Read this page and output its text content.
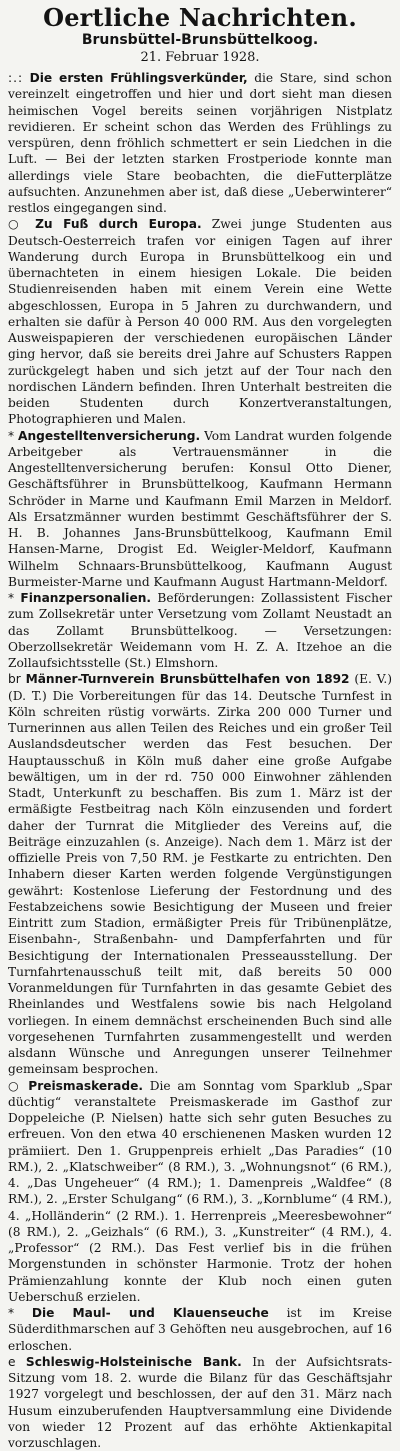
Oertliche Nachrichten.
Brunsbüttel-Brunsbüttelkoog.
21. Februar 1928.

:.: Die ersten Frühlingsverkünder, die Stare, sind schon vereinzelt eingetroffen und hier und dort sieht man diesen heimischen Vogel bereits seinen vorjährigen Nistplatz revidieren. Er scheint schon das Werden des Frühlings zu verspüren, denn fröhlich schmettert er sein Liedchen in die Luft. — Bei der letzten starken Frostperiode konnte man allerdings viele Stare beobachten, die dieFutterplätze aufsuchten. Anzunehmen aber ist, daß diese „Ueberwinterer“ restlos eingegangen sind.

○ Zu Fuß durch Europa. Zwei junge Studenten aus Deutsch-Oesterreich trafen vor einigen Tagen auf ihrer Wanderung durch Europa in Brunsbüttelkoog ein und übernachteten in einem hiesigen Lokale. Die beiden Studienreisenden haben mit einem Verein eine Wette abgeschlossen, Europa in 5 Jahren zu durchwandern, und erhalten sie dafür à Person 40 000 RM. Aus den vorgelegten Ausweispapieren der verschiedenen europäischen Länder ging hervor, daß sie bereits drei Jahre auf Schusters Rappen zurückgelegt haben und sich jetzt auf der Tour nach den nordischen Ländern befinden. Ihren Unterhalt bestreiten die beiden Studenten durch Konzertveranstaltungen, Photographieren und Malen.

* Angestelltenversicherung. Vom Landrat wurden folgende Arbeitgeber als Vertrauensmänner in die Angestelltenversicherung berufen: Konsul Otto Diener, Geschäftsführer in Brunsbüttelkoog, Kaufmann Hermann Schröder in Marne und Kaufmann Emil Marzen in Meldorf. Als Ersatzmänner wurden bestimmt Geschäftsführer der S. H. B. Johannes Jans-Brunsbüttelkoog, Kaufmann Emil Hansen-Marne, Drogist Ed. Weigler-Meldorf, Kaufmann Wilhelm Schnaars-Brunsbüttelkoog, Kaufmann August Burmeister-Marne und Kaufmann August Hartmann-Meldorf.

* Finanzpersonalien. Beförderungen: Zollassistent Fischer zum Zollsekretär unter Versetzung vom Zollamt Neustadt an das Zollamt Brunsbüttelkoog. — Versetzungen: Oberzollsekretär Weidemann vom H. Z. A. Itzehoe an die Zollaufsichtsstelle (St.) Elmshorn.

br Männer-Turnverein Brunsbüttelhafen von 1892 (E. V.) (D. T.) Die Vorbereitungen für das 14. Deutsche Turnfest in Köln schreiten rüstig vorwärts. Zirka 200 000 Turner und Turnerinnen aus allen Teilen des Reiches und ein großer Teil Auslandsdeutscher werden das Fest besuchen. Der Hauptausschuß in Köln muß daher eine große Aufgabe bewältigen, um in der rd. 750 000 Einwohner zählenden Stadt, Unterkunft zu beschaffen. Bis zum 1. März ist der ermäßigte Festbeitrag nach Köln einzusenden und fordert daher der Turnrat die Mitglieder des Vereins auf, die Beiträge einzuzahlen (s. Anzeige). Nach dem 1. März ist der offizielle Preis von 7,50 RM. je Festkarte zu entrichten. Den Inhabern dieser Karten werden folgende Vergünstigungen gewährt: Kostenlose Lieferung der Festordnung und des Festabzeichens sowie Besichtigung der Museen und freier Eintritt zum Stadion, ermäßigter Preis für Tribünenplätze, Eisenbahn-, Straßenbahn- und Dampferfahrten und für Besichtigung der Internationalen Presseausstellung. Der Turnfahrtenausschuß teilt mit, daß bereits 50 000 Voranmeldungen für Turnfahrten in das gesamte Gebiet des Rheinlandes und Westfalens sowie bis nach Helgoland vorliegen. In einem demnächst erscheinenden Buch sind alle vorgesehenen Turnfahrten zusammengestellt und werden alsdann Wünsche und Anregungen unserer Teilnehmer gemeinsam besprochen.

○ Preismaskerade. Die am Sonntag vom Sparklub „Spar düchtig“ veranstaltete Preismaskerade im Gasthof zur Doppeleiche (P. Nielsen) hatte sich sehr guten Besuches zu erfreuen. Von den etwa 40 erschienenen Masken wurden 12 prämiiert. Den 1. Gruppenpreis erhielt „Das Paradies“ (10 RM.), 2. „Klatschweiber“ (8 RM.), 3. „Wohnungsnot“ (6 RM.), 4. „Das Ungeheuer“ (4 RM.); 1. Damenpreis „Waldfee“ (8 RM.), 2. „Erster Schulgang“ (6 RM.), 3. „Kornblume“ (4 RM.), 4. „Holländerin“ (2 RM.). 1. Herrenpreis „Meeresbewohner“ (8 RM.), 2. „Geizhals“ (6 RM.), 3. „Kunstreiter“ (4 RM.), 4. „Professor“ (2 RM.). Das Fest verlief bis in die frühen Morgenstunden in schönster Harmonie. Trotz der hohen Prämienzahlung konnte der Klub noch einen guten Ueberschuß erzielen.

* Die Maul- und Klauenseuche ist im Kreise Süderdithmarschen auf 3 Gehöften neu ausgebrochen, auf 16 erloschen.

e Schleswig-Holsteinische Bank. In der Aufsichtsrats-Sitzung vom 18. 2. wurde die Bilanz für das Geschäftsjahr 1927 vorgelegt und beschlossen, der auf den 31. März nach Husum einzuberufenden Hauptversammlung eine Dividende von wieder 12 Prozent auf das erhöhte Aktienkapital vorzuschlagen.
